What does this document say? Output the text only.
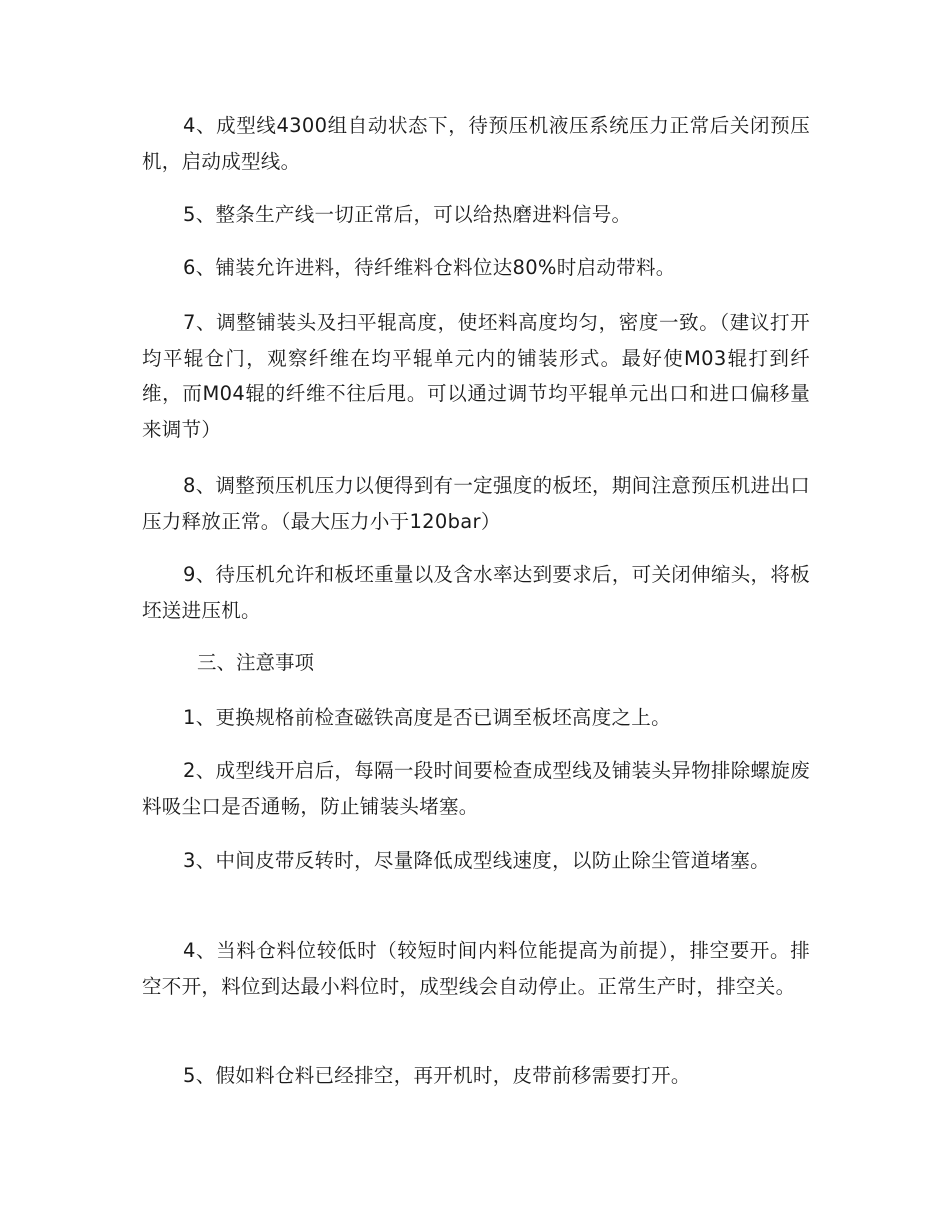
4、成型线4300组自动状态下，待预压机液压系统压力正常后关闭预压机，启动成型线。

5、整条生产线一切正常后，可以给热磨进料信号。

6、铺装允许进料，待纤维料仓料位达80%时启动带料。

7、调整铺装头及扫平辊高度，使坯料高度均匀，密度一致。（建议打开均平辊仓门，观察纤维在均平辊单元内的铺装形式。最好使M03辊打到纤维，而M04辊的纤维不往后甩。可以通过调节均平辊单元出口和进口偏移量来调节）

8、调整预压机压力以便得到有一定强度的板坯，期间注意预压机进出口压力释放正常。（最大压力小于120bar）

9、待压机允许和板坯重量以及含水率达到要求后，可关闭伸缩头，将板坯送进压机。

三、注意事项

1、更换规格前检查磁铁高度是否已调至板坯高度之上。

2、成型线开启后，每隔一段时间要检查成型线及铺装头异物排除螺旋废料吸尘口是否通畅，防止铺装头堵塞。

3、中间皮带反转时，尽量降低成型线速度，以防止除尘管道堵塞。

4、当料仓料位较低时（较短时间内料位能提高为前提），排空要开。排空不开，料位到达最小料位时，成型线会自动停止。正常生产时，排空关。

5、假如料仓料已经排空，再开机时，皮带前移需要打开。
